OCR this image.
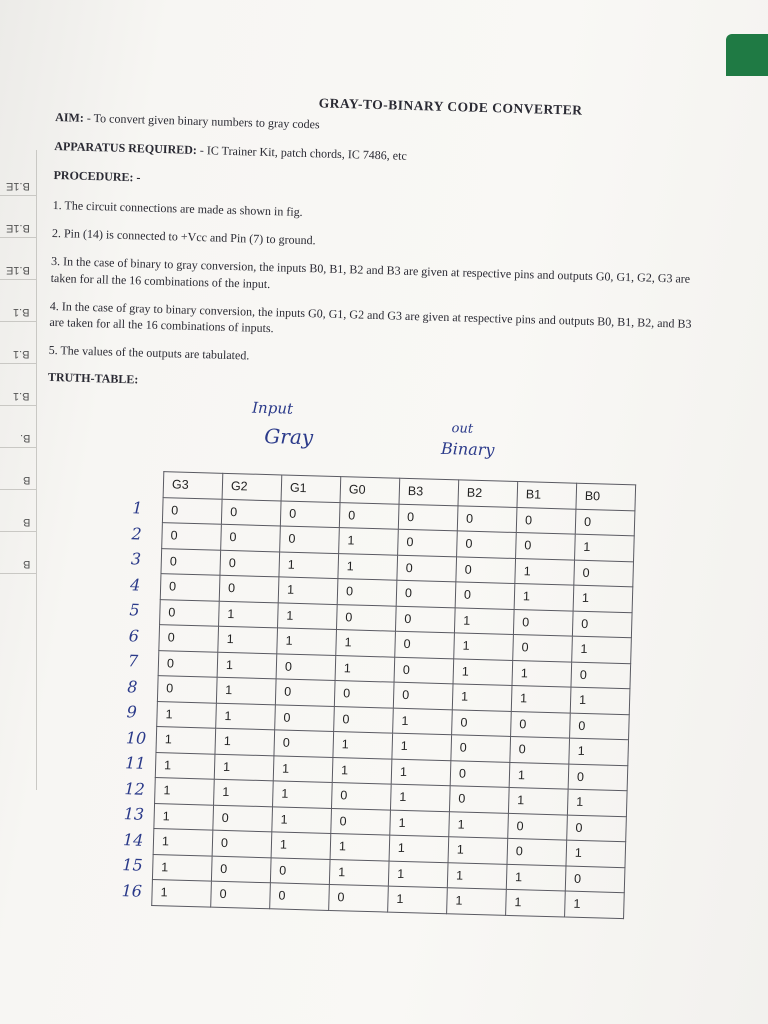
B.1E
B.1E
B.1E
B.1
B.1
B.1
B.
B
B
B
GRAY-TO-BINARY CODE CONVERTER
AIM: - To convert given binary numbers to gray codes
APPARATUS REQUIRED: - IC Trainer Kit, patch chords, IC 7486, etc
PROCEDURE: -
1. The circuit connections are made as shown in fig.
2. Pin (14) is connected to +Vcc and Pin (7) to ground.
3. In the case of binary to gray conversion, the inputs B0, B1, B2 and B3 are given at respective pins and outputs G0, G1, G2, G3 are taken for all the 16 combinations of the input.
4. In the case of gray to binary conversion, the inputs G0, G1, G2 and G3 are given at respective pins and outputs B0, B1, B2, and B3 are taken for all the 16 combinations of inputs.
5. The values of the outputs are tabulated.
TRUTH-TABLE:
Input
Gray	out
Binary
1
2
3
4
5
6
7
8
9
10
11
12
13
14
15
16
G3	G2	G1	G0	B3	B2	B1	B0
0	0	0	0	0	0	0	0
0	0	0	1	0	0	0	1
0	0	1	1	0	0	1	0
0	0	1	0	0	0	1	1
0	1	1	0	0	1	0	0
0	1	1	1	0	1	0	1
0	1	0	1	0	1	1	0
0	1	0	0	0	1	1	1
1	1	0	0	1	0	0	0
1	1	0	1	1	0	0	1
1	1	1	1	1	0	1	0
1	1	1	0	1	0	1	1
1	0	1	0	1	1	0	0
1	0	1	1	1	1	0	1
1	0	0	1	1	1	1	0
1	0	0	0	1	1	1	1
